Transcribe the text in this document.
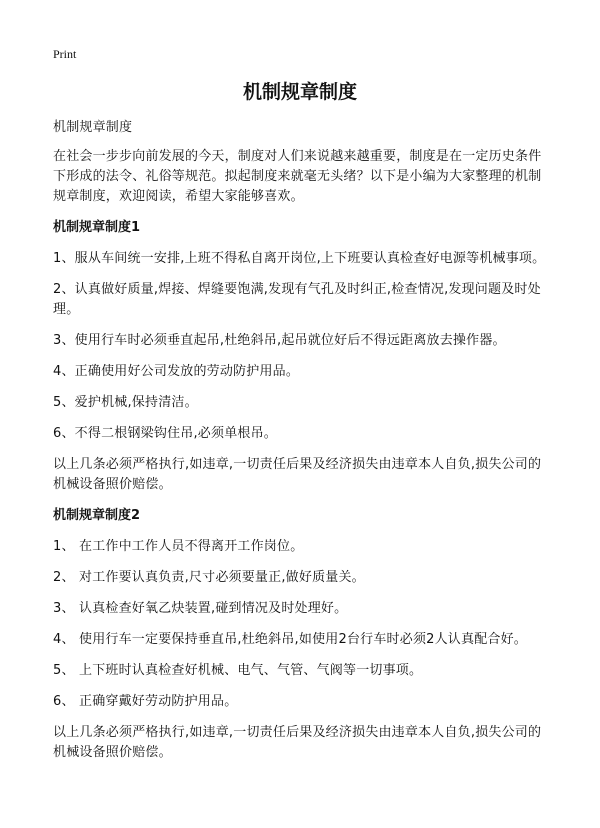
Print
机制规章制度

机制规章制度

在社会一步步向前发展的今天，制度对人们来说越来越重要，制度是在一定历史条件下形成的法令、礼俗等规范。拟起制度来就毫无头绪？以下是小编为大家整理的机制规章制度，欢迎阅读，希望大家能够喜欢。

机制规章制度1

1、服从车间统一安排,上班不得私自离开岗位,上下班要认真检查好电源等机械事项。

2、认真做好质量,焊接、焊缝要饱满,发现有气孔及时纠正,检查情况,发现问题及时处理。

3、使用行车时必须垂直起吊,杜绝斜吊,起吊就位好后不得远距离放去操作器。

4、正确使用好公司发放的劳动防护用品。

5、爱护机械,保持清洁。

6、不得二根钢梁钩住吊,必须单根吊。

以上几条必须严格执行,如违章,一切责任后果及经济损失由违章本人自负,损失公司的机械设备照价赔偿。

机制规章制度2

1、 在工作中工作人员不得离开工作岗位。

2、 对工作要认真负责,尺寸必须要量正,做好质量关。

3、 认真检查好氧乙炔装置,碰到情况及时处理好。

4、 使用行车一定要保持垂直吊,杜绝斜吊,如使用2台行车时必须2人认真配合好。

5、 上下班时认真检查好机械、电气、气管、气阀等一切事项。

6、 正确穿戴好劳动防护用品。

以上几条必须严格执行,如违章,一切责任后果及经济损失由违章本人自负,损失公司的机械设备照价赔偿。
